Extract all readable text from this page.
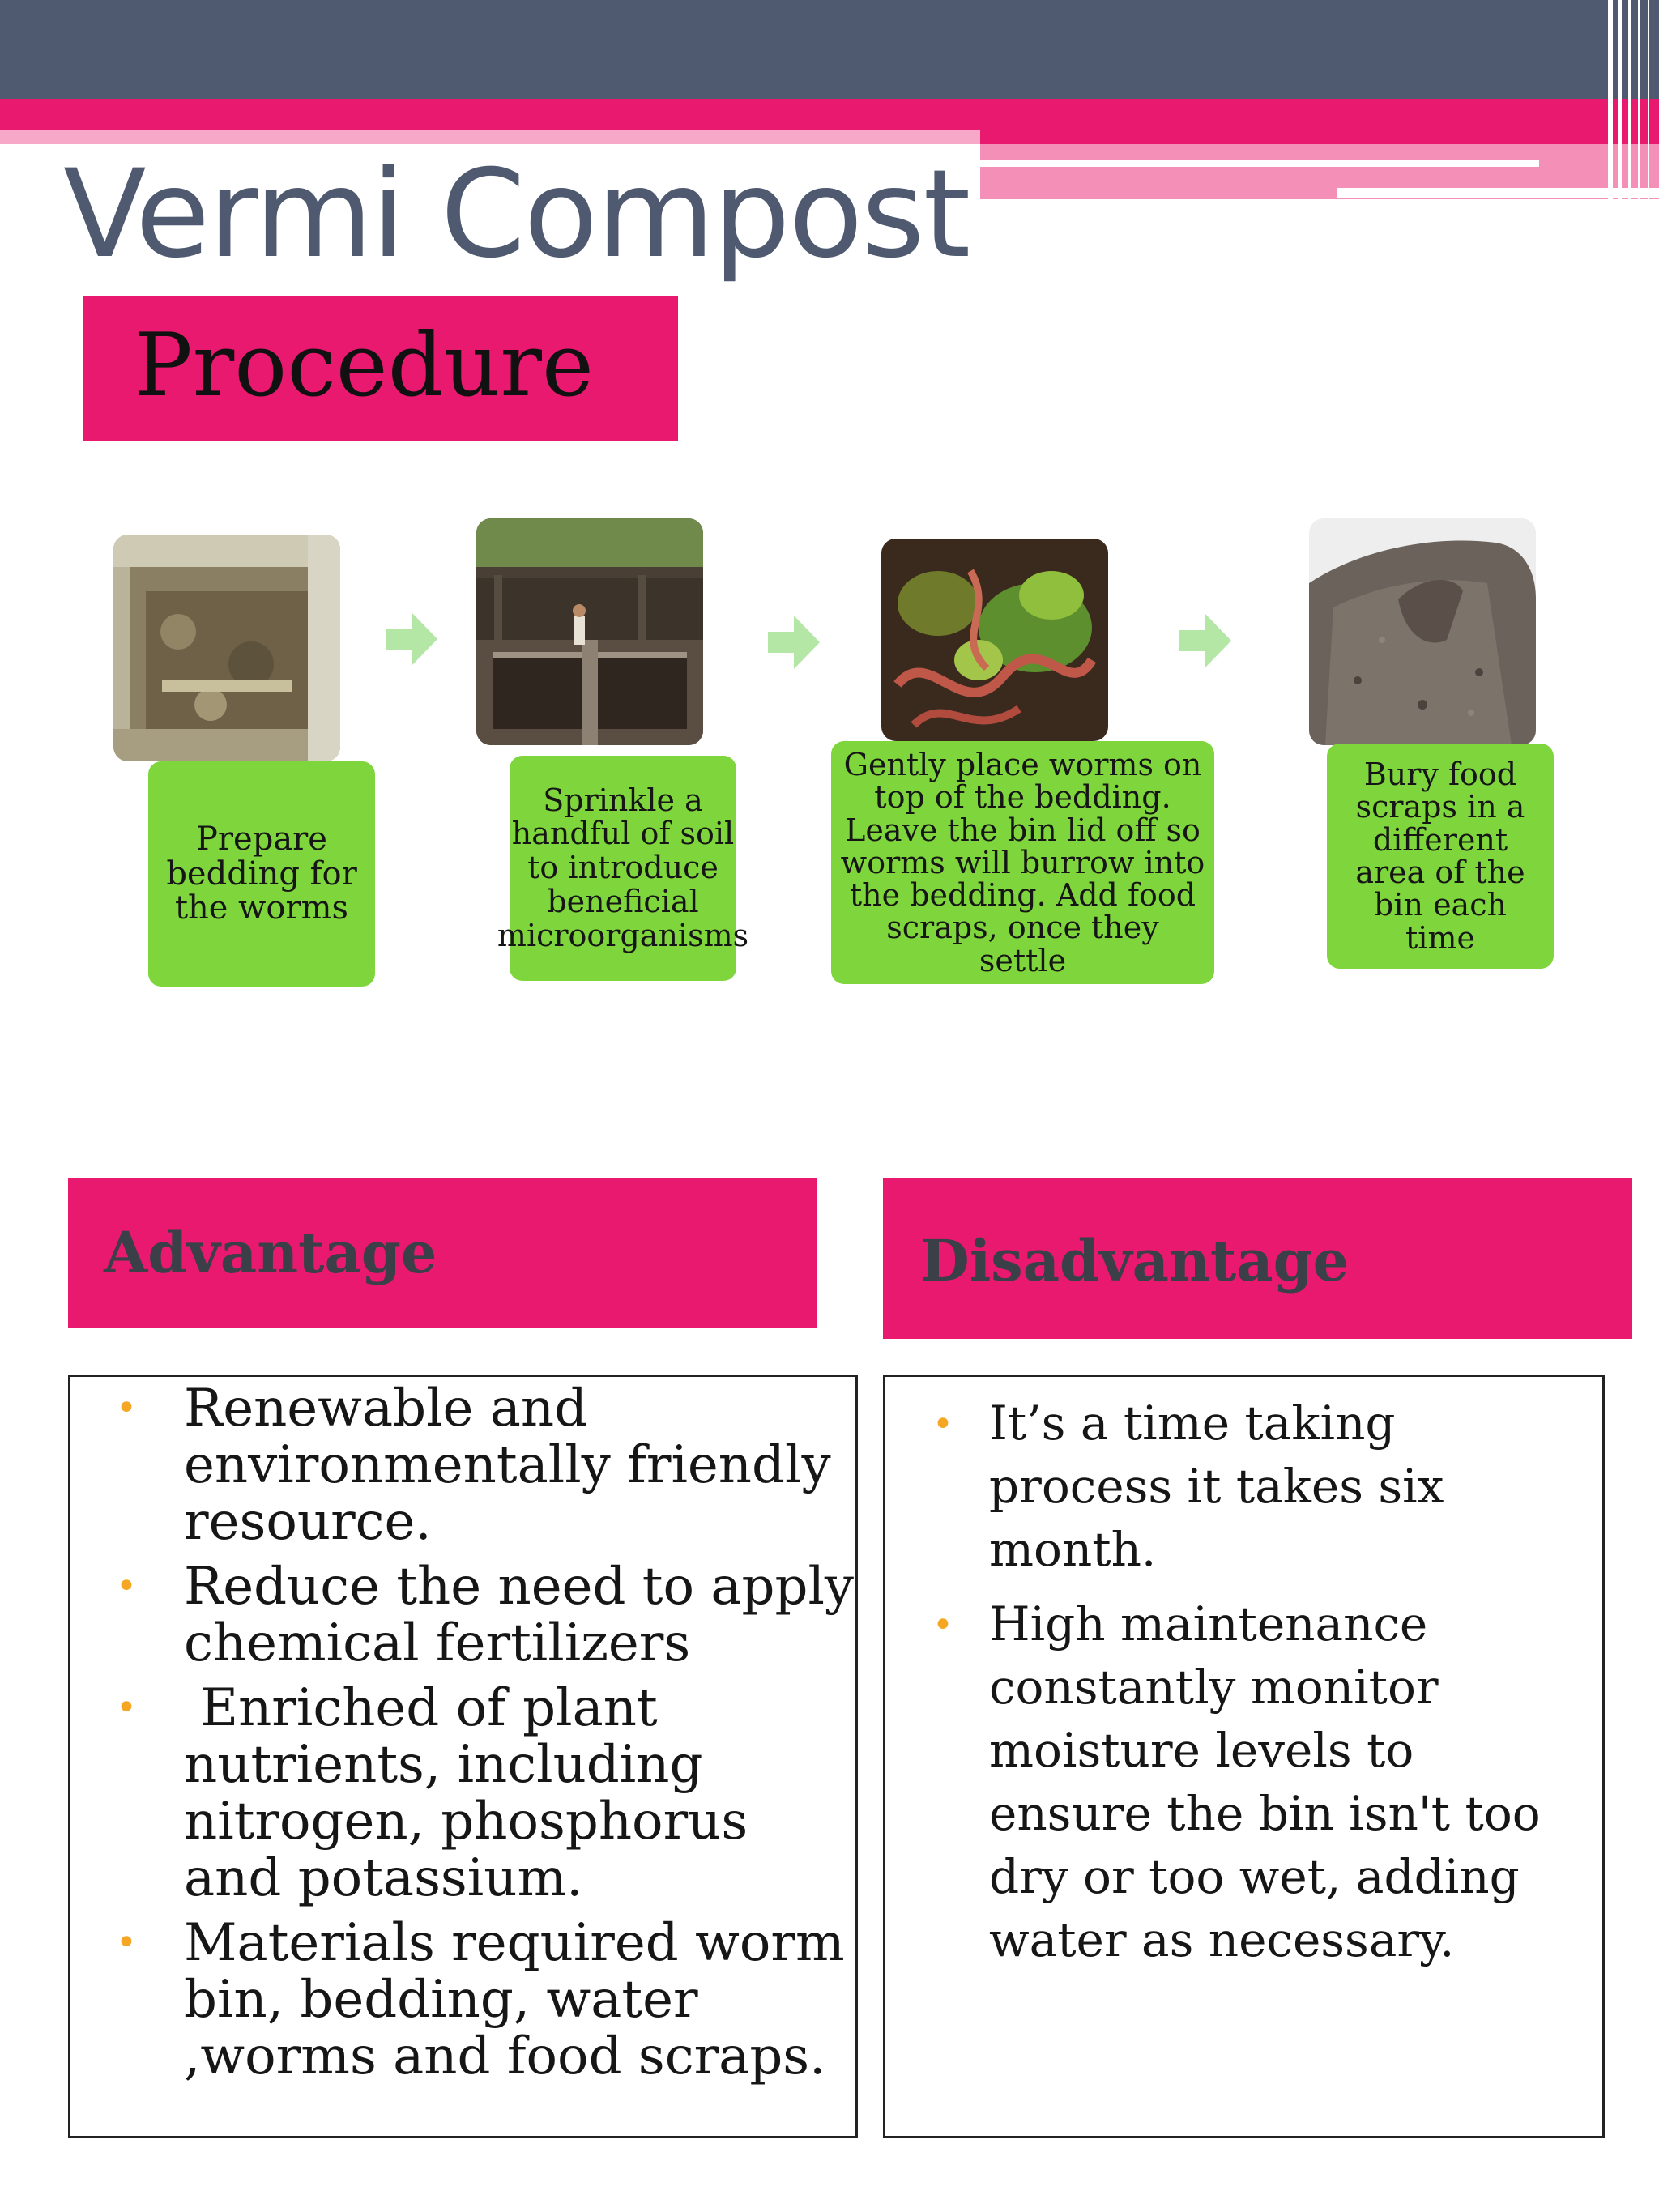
Vermi Compost
Procedure
Prepare bedding for the worms
Sprinkle a handful of soil to introduce beneficial microorganisms
Gently place worms on top of the bedding. Leave the bin lid off so worms will burrow into the bedding. Add food scraps, once they settle
Bury food scraps in a different area of the bin each time
Advantage	Disadvantage
• Renewable and environmentally friendly resource.
• Reduce the need to apply chemical fertilizers
• Enriched of plant nutrients, including nitrogen, phosphorus and potassium.
• Materials required worm bin, bedding, water ,worms and food scraps.
• It’s a time taking process it takes six month.
• High maintenance constantly monitor moisture levels to ensure the bin isn't too dry or too wet, adding water as necessary.
